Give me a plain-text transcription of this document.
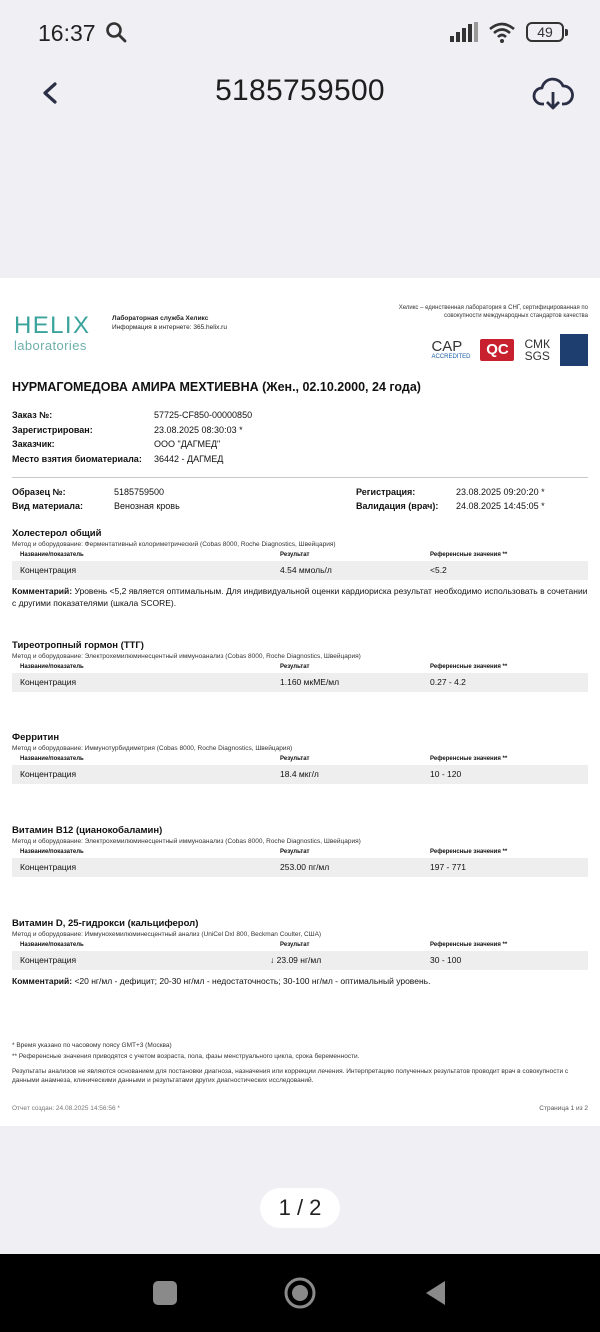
16:37	49
5185759500
HELIX
laboratories
Лабораторная служба Хеликс
Информация в интернете: 365.helix.ru
Хеликс – единственная лаборатория в СНГ, сертифицированная по совокупности международных стандартов качества
CAP
ACCREDITED	QC	СМК
SGS
НУРМАГОМЕДОВА АМИРА МЕХТИЕВНА (Жен., 02.10.2000, 24 года)
Заказ №:	57725-CF850-00000850
Зарегистрирован:	23.08.2025 08:30:03 *
Заказчик:	ООО "ДАГМЕД"
Место взятия биоматериала: 36442 - ДАГМЕД
Образец №:	5185759500
Вид материала:	Венозная кровь
Регистрация:	23.08.2025 09:20:20 *
Валидация (врач): 24.08.2025 14:45:05 *
Холестерол общий
Метод и оборудование: Ферментативный колориметрический (Cobas 8000, Roche Diagnostics, Швейцария)
Название/показатель	Результат	Референсные значения **
Концентрация	4.54 ммоль/л	<5.2
Комментарий: Уровень <5,2 является оптимальным. Для индивидуальной оценки кардиориска результат необходимо использовать в сочетании с другими показателями (шкала SCORE).
Тиреотропный гормон (ТТГ)
Метод и оборудование: Электрохемилюминесцентный иммуноанализ (Cobas 8000, Roche Diagnostics, Швейцария)
Название/показатель	Результат	Референсные значения **
Концентрация	1.160 мкМЕ/мл	0.27 - 4.2
Ферритин
Метод и оборудование: Иммунотурбидиметрия (Cobas 8000, Roche Diagnostics, Швейцария)
Название/показатель	Результат	Референсные значения **
Концентрация	18.4 мкг/л	10 - 120
Витамин В12 (цианокобаламин)
Метод и оборудование: Электрохемилюминесцентный иммуноанализ (Cobas 8000, Roche Diagnostics, Швейцария)
Название/показатель	Результат	Референсные значения **
Концентрация	253.00 пг/мл	197 - 771
Витамин D, 25-гидрокси (кальциферол)
Метод и оборудование: Иммунохемилюминесцентный анализ (UniCel DxI 800, Beckman Coulter, США)
Название/показатель	Результат	Референсные значения **
Концентрация	↓ 23.09 нг/мл	30 - 100
Комментарий: <20 нг/мл - дефицит; 20-30 нг/мл - недостаточность; 30-100 нг/мл - оптимальный уровень.
* Время указано по часовому поясу GMT+3 (Москва)
** Референсные значения приводятся с учетом возраста, пола, фазы менструального цикла, срока беременности.
Результаты анализов не являются основанием для постановки диагноза, назначения или коррекции лечения. Интерпретацию полученных результатов проводит врач в совокупности с данными анамнеза, клиническими данными и результатами других диагностических исследований.
Отчет создан: 24.08.2025 14:56:56 *	Страница 1 из 2
1 / 2
